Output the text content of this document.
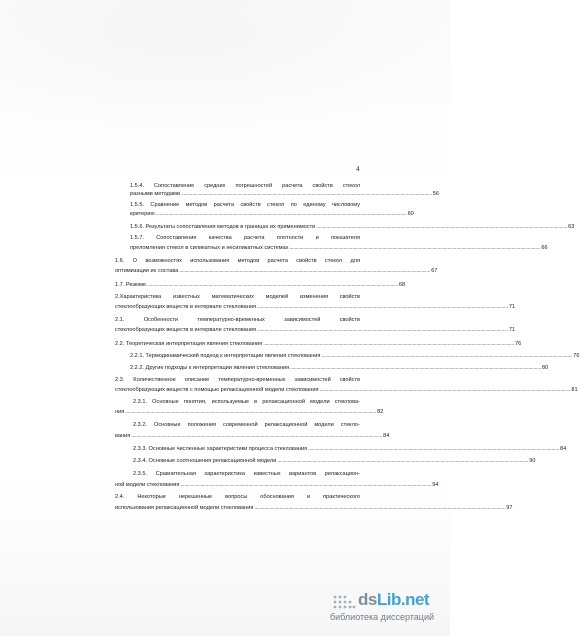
4
1.5.4. Сопоставление средних погрешностей расчета свойств стекол
разными методами ........................................................................................................................................................................................................ 56
1.5.5. Сравнение методов расчета свойств стекол по единому числовому
критерию ........................................................................................................................................................................................................ 60
1.5.6. Результаты сопоставления методов в границах их применимости ........................................................................................................................................................................................................ 63
1.5.7. Сопоставление качества расчета плотности и показателя
преломления стекол в силикатных и несиликатных системах ........................................................................................................................................................................................................ 66
1.6. О возможностях использования методов расчета свойств стекол для
оптимизации их состава ........................................................................................................................................................................................................ 67
1.7. Резюме ........................................................................................................................................................................................................ 68
2.Характеристика известных математических моделей изменения свойств
стеклообразующих веществ в интервале стеклования ........................................................................................................................................................................................................ 71
2.1. Особенности температурно-временных зависимостей свойств
стеклообразующих веществ в интервале стеклования ........................................................................................................................................................................................................ 71
2.2. Теоретическая интерпретация явления стеклования ........................................................................................................................................................................................................ 76
2.2.1. Термодинамический подход к интерпретации явления стеклования ........................................................................................................................................................................................................ 76
2.2.2. Другие подходы к интерпретации явления стеклования ........................................................................................................................................................................................................ 80
2.3. Количественное описание температурно-временных зависимостей свойств
стеклообразующих веществ с помощью релаксационной модели стеклования ........................................................................................................................................................................................................ 81
2.3.1. Основные понятия, используемые в релаксационной модели стеклова-
ния ........................................................................................................................................................................................................ 82
2.3.2. Основные положения современной релаксационной модели стекло-
вания ........................................................................................................................................................................................................ 84
2.3.3. Основные численные характеристики процесса стеклования ........................................................................................................................................................................................................ 84
2.3.4. Основные соотношения релаксационной модели ........................................................................................................................................................................................................ 90
2.3.5. Сравнительная характеристика известных вариантов релаксацион-
ной модели стеклования ........................................................................................................................................................................................................ 94
2.4. Некоторые нерешенные вопросы обоснования и практического
использования релаксационной модели стеклования ........................................................................................................................................................................................................ 97
dsLib.net
библиотека диссертаций
